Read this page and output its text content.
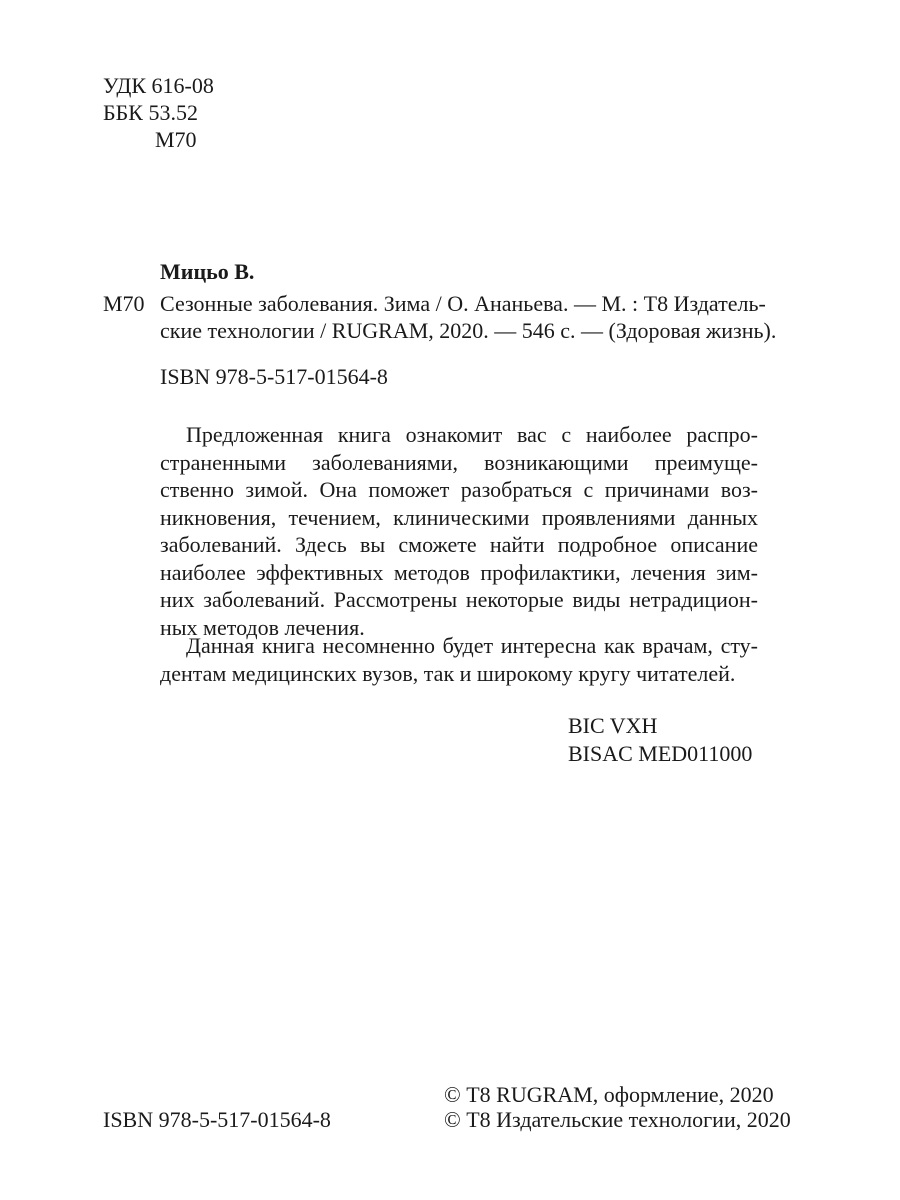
УДК 616-08
ББК 53.52
М70
Мицьо В.
М70 Сезонные заболевания. Зима / О. Ананьева. — М. : Т8 Издатель-
ские технологии / RUGRAM, 2020. — 546 с. — (Здоровая жизнь).
ISBN 978-5-517-01564-8
Предложенная книга ознакомит вас с наиболее распро-
страненными заболеваниями, возникающими преимуще-
ственно зимой. Она поможет разобраться с причинами воз-
никновения, течением, клиническими проявлениями данных
заболеваний. Здесь вы сможете найти подробное описание
наиболее эффективных методов профилактики, лечения зим-
них заболеваний. Рассмотрены некоторые виды нетрадицион-
ных методов лечения.
Данная книга несомненно будет интересна как врачам, сту-
дентам медицинских вузов, так и широкому кругу читателей.
BIC VXH
BISAC MED011000
© Т8 RUGRAM, оформление, 2020
ISBN 978-5-517-01564-8	© Т8 Издательские технологии, 2020
